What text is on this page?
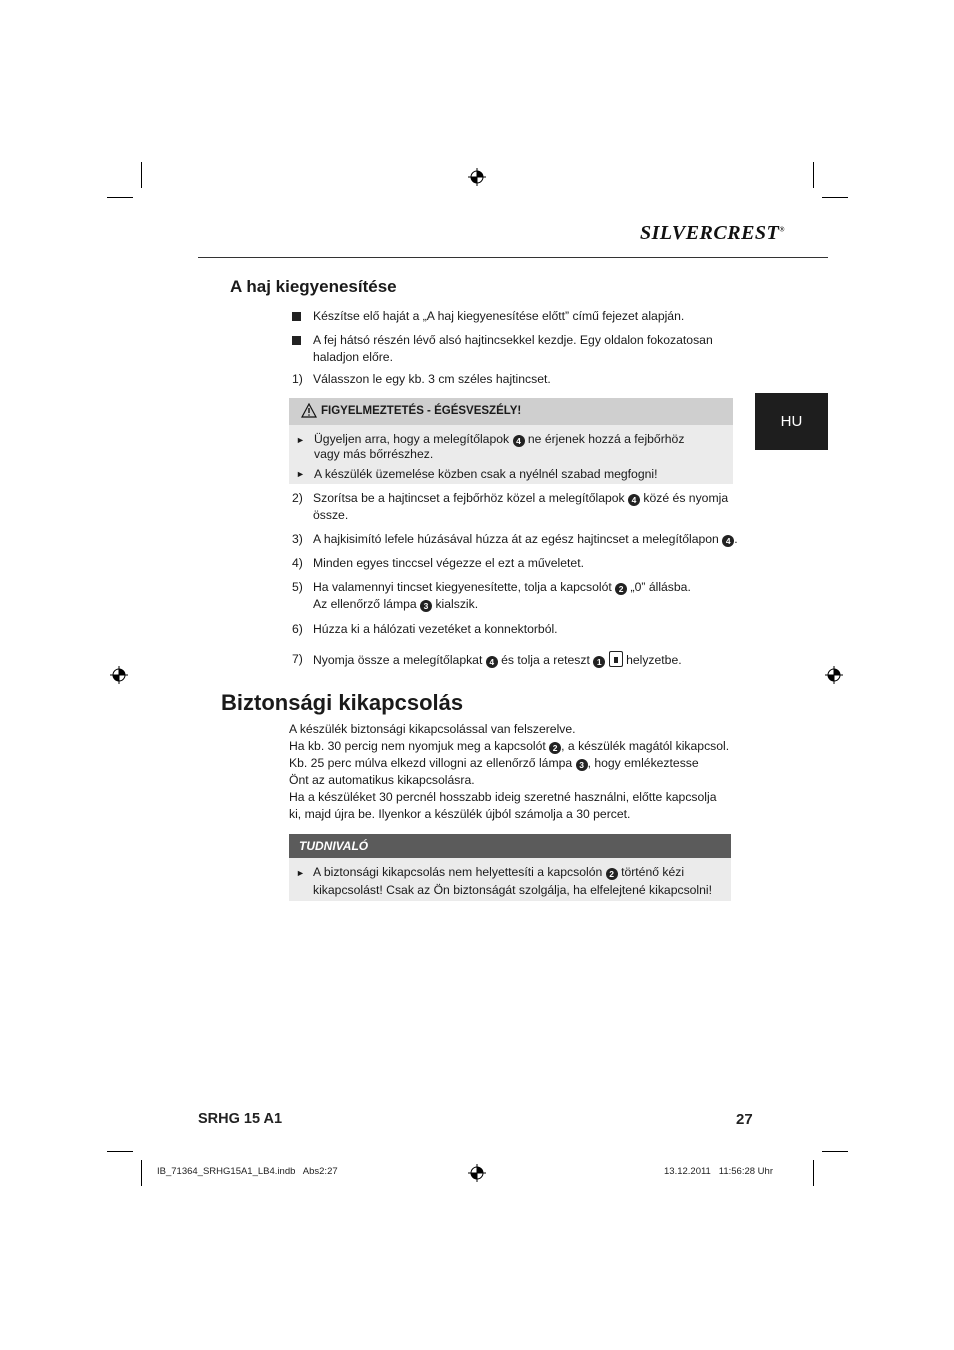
SILVERCREST®
HU
A haj kiegyenesítése
Készítse elő haját a „A haj kiegyenesítése előtt” című fejezet alapján.
A fej hátsó részén lévő alsó hajtincsekkel kezdje. Egy oldalon fokozatosan haladjon előre.
1) Válasszon le egy kb. 3 cm széles hajtincset.
FIGYELMEZTETÉS - ÉGÉSVESZÉLY!
► Ügyeljen arra, hogy a melegítőlapok 4 ne érjenek hozzá a fejbőrhöz
vagy más bőrrészhez.
► A készülék üzemelése közben csak a nyélnél szabad megfogni!
2) Szorítsa be a hajtincset a fejbőrhöz közel a melegítőlapok 4 közé és nyomja
össze.
3) A hajkisimító lefele húzásával húzza át az egész hajtincset a melegítőlapon 4 .
4) Minden egyes tinccsel végezze el ezt a műveletet.
5) Ha valamennyi tincset kiegyenesítette, tolja a kapcsolót 2 „0” állásba.
Az ellenőrző lámpa 3 kialszik.
6) Húzza ki a hálózati vezetéket a konnektorból.
7) Nyomja össze a melegítőlapkat 4 és tolja a reteszt 1 helyzetbe.
Biztonsági kikapcsolás
A készülék biztonsági kikapcsolással van felszerelve.
Ha kb. 30 percig nem nyomjuk meg a kapcsolót 2 , a készülék magától kikapcsol.
Kb. 25 perc múlva elkezd villogni az ellenőrző lámpa 3 , hogy emlékeztesse
Önt az automatikus kikapcsolásra.
Ha a készüléket 30 percnél hosszabb ideig szeretné használni, előtte kapcsolja
ki, majd újra be. Ilyenkor a készülék újból számolja a 30 percet.
TUDNIVALÓ
► A biztonsági kikapcsolás nem helyettesíti a kapcsolón 2 történő kézi
kikapcsolást! Csak az Ön biztonságát szolgálja, ha elfelejtené kikapcsolni!
SRHG 15 A1	27
IB_71364_SRHG15A1_LB4.indb   Abs2:27	13.12.2011   11:56:28 Uhr
